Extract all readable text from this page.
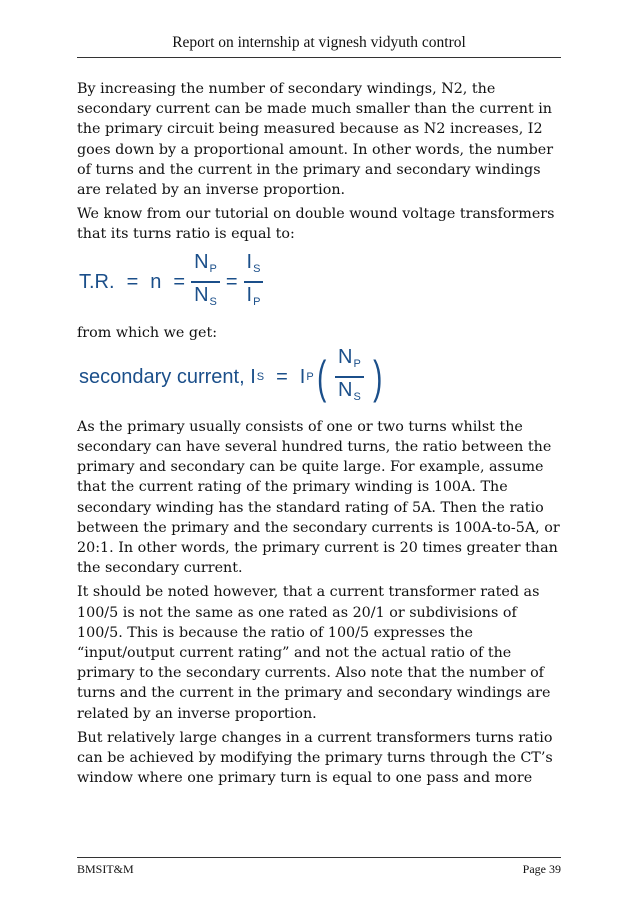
Report on internship at vignesh vidyuth control

By increasing the number of secondary windings, N2, the secondary current can be made much smaller than the current in the primary circuit being measured because as N2 increases, I2 goes down by a proportional amount. In other words, the number of turns and the current in the primary and secondary windings are related by an inverse proportion.

We know from our tutorial on double wound voltage transformers that its turns ratio is equal to:

T.R. = $n = \frac{N_P}{N_S} = \frac{I_S}{I_P}$

from which we get:

secondary current, I S = I P ( $\frac{N_P}{N_S}$ )

As the primary usually consists of one or two turns whilst the secondary can have several hundred turns, the ratio between the primary and secondary can be quite large. For example, assume that the current rating of the primary winding is 100A. The secondary winding has the standard rating of 5A. Then the ratio between the primary and the secondary currents is 100A-to-5A, or 20:1. In other words, the primary current is 20 times greater than the secondary current.

It should be noted however, that a current transformer rated as 100/5 is not the same as one rated as 20/1 or subdivisions of 100/5. This is because the ratio of 100/5 expresses the “input/output current rating” and not the actual ratio of the primary to the secondary currents. Also note that the number of turns and the current in the primary and secondary windings are related by an inverse proportion.

But relatively large changes in a current transformers turns ratio can be achieved by modifying the primary turns through the CT’s window where one primary turn is equal to one pass and more

BMSIT&M	Page 39
